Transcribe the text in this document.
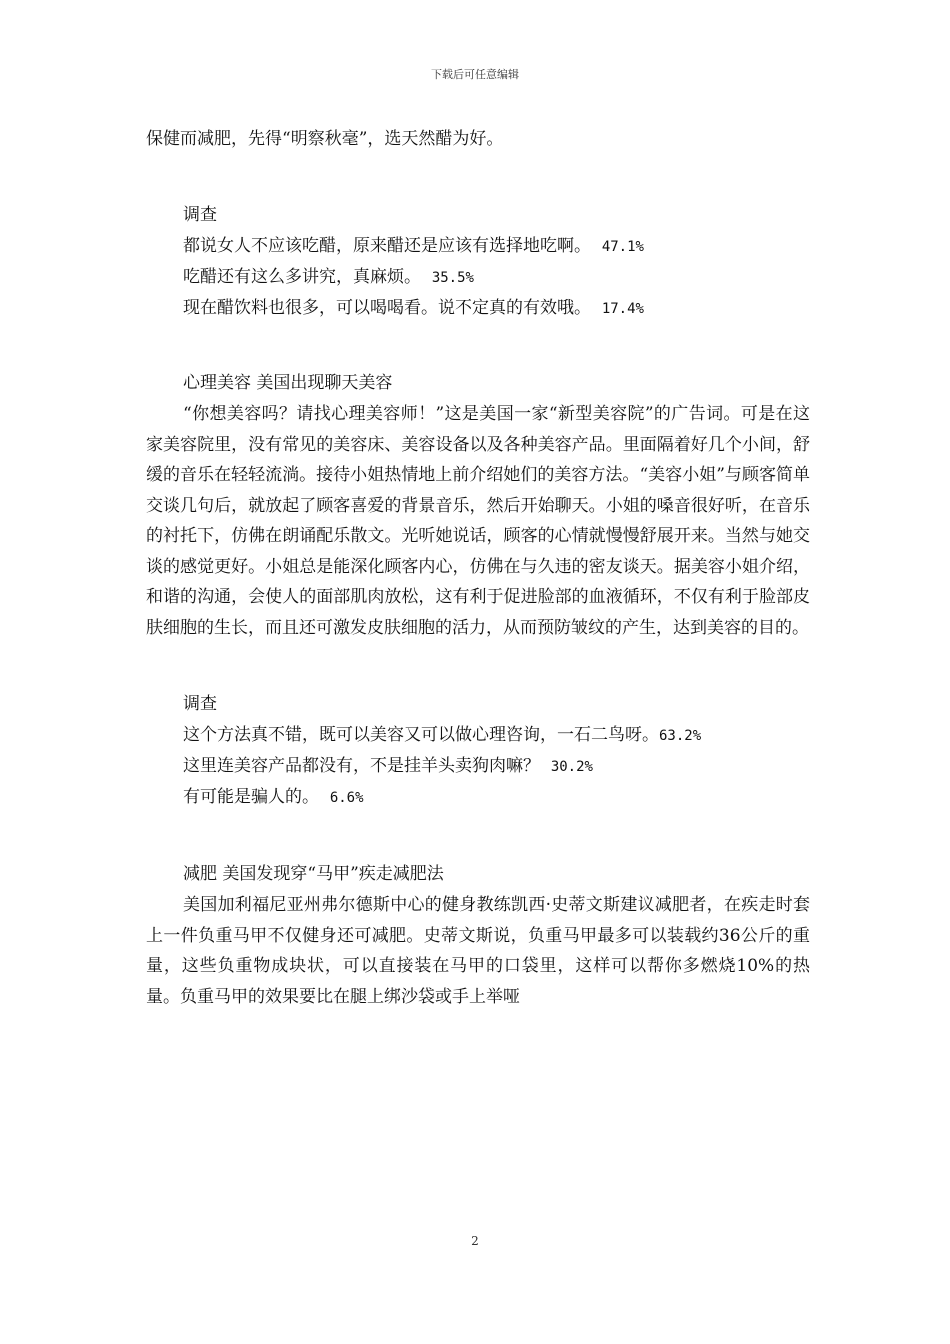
下载后可任意编辑
保健而减肥，先得“明察秋毫”，选天然醋为好。
调查
都说女人不应该吃醋，原来醋还是应该有选择地吃啊。 47.1%
吃醋还有这么多讲究，真麻烦。 35.5%
现在醋饮料也很多，可以喝喝看。说不定真的有效哦。 17.4%
心理美容 美国出现聊天美容

“你想美容吗？请找心理美容师！”这是美国一家“新型美容院”的广告词。可是在这家美容院里，没有常见的美容床、美容设备以及各种美容产品。里面隔着好几个小间，舒缓的音乐在轻轻流淌。接待小姐热情地上前介绍她们的美容方法。“美容小姐”与顾客简单交谈几句后，就放起了顾客喜爱的背景音乐，然后开始聊天。小姐的嗓音很好听，在音乐的衬托下，仿佛在朗诵配乐散文。光听她说话，顾客的心情就慢慢舒展开来。当然与她交谈的感觉更好。小姐总是能深化顾客内心，仿佛在与久违的密友谈天。据美容小姐介绍，和谐的沟通，会使人的面部肌肉放松，这有利于促进脸部的血液循环，不仅有利于脸部皮肤细胞的生长，而且还可激发皮肤细胞的活力，从而预防皱纹的产生，达到美容的目的。

调查
这个方法真不错，既可以美容又可以做心理咨询，一石二鸟呀。63.2%
这里连美容产品都没有，不是挂羊头卖狗肉嘛？ 30.2%
有可能是骗人的。 6.6%
减肥 美国发现穿“马甲”疾走减肥法

美国加利福尼亚州弗尔德斯中心的健身教练凯西·史蒂文斯建议减肥者，在疾走时套上一件负重马甲不仅健身还可减肥。史蒂文斯说，负重马甲最多可以装载约36公斤的重量，这些负重物成块状，可以直接装在马甲的口袋里，这样可以帮你多燃烧10%的热量。负重马甲的效果要比在腿上绑沙袋或手上举哑

2
